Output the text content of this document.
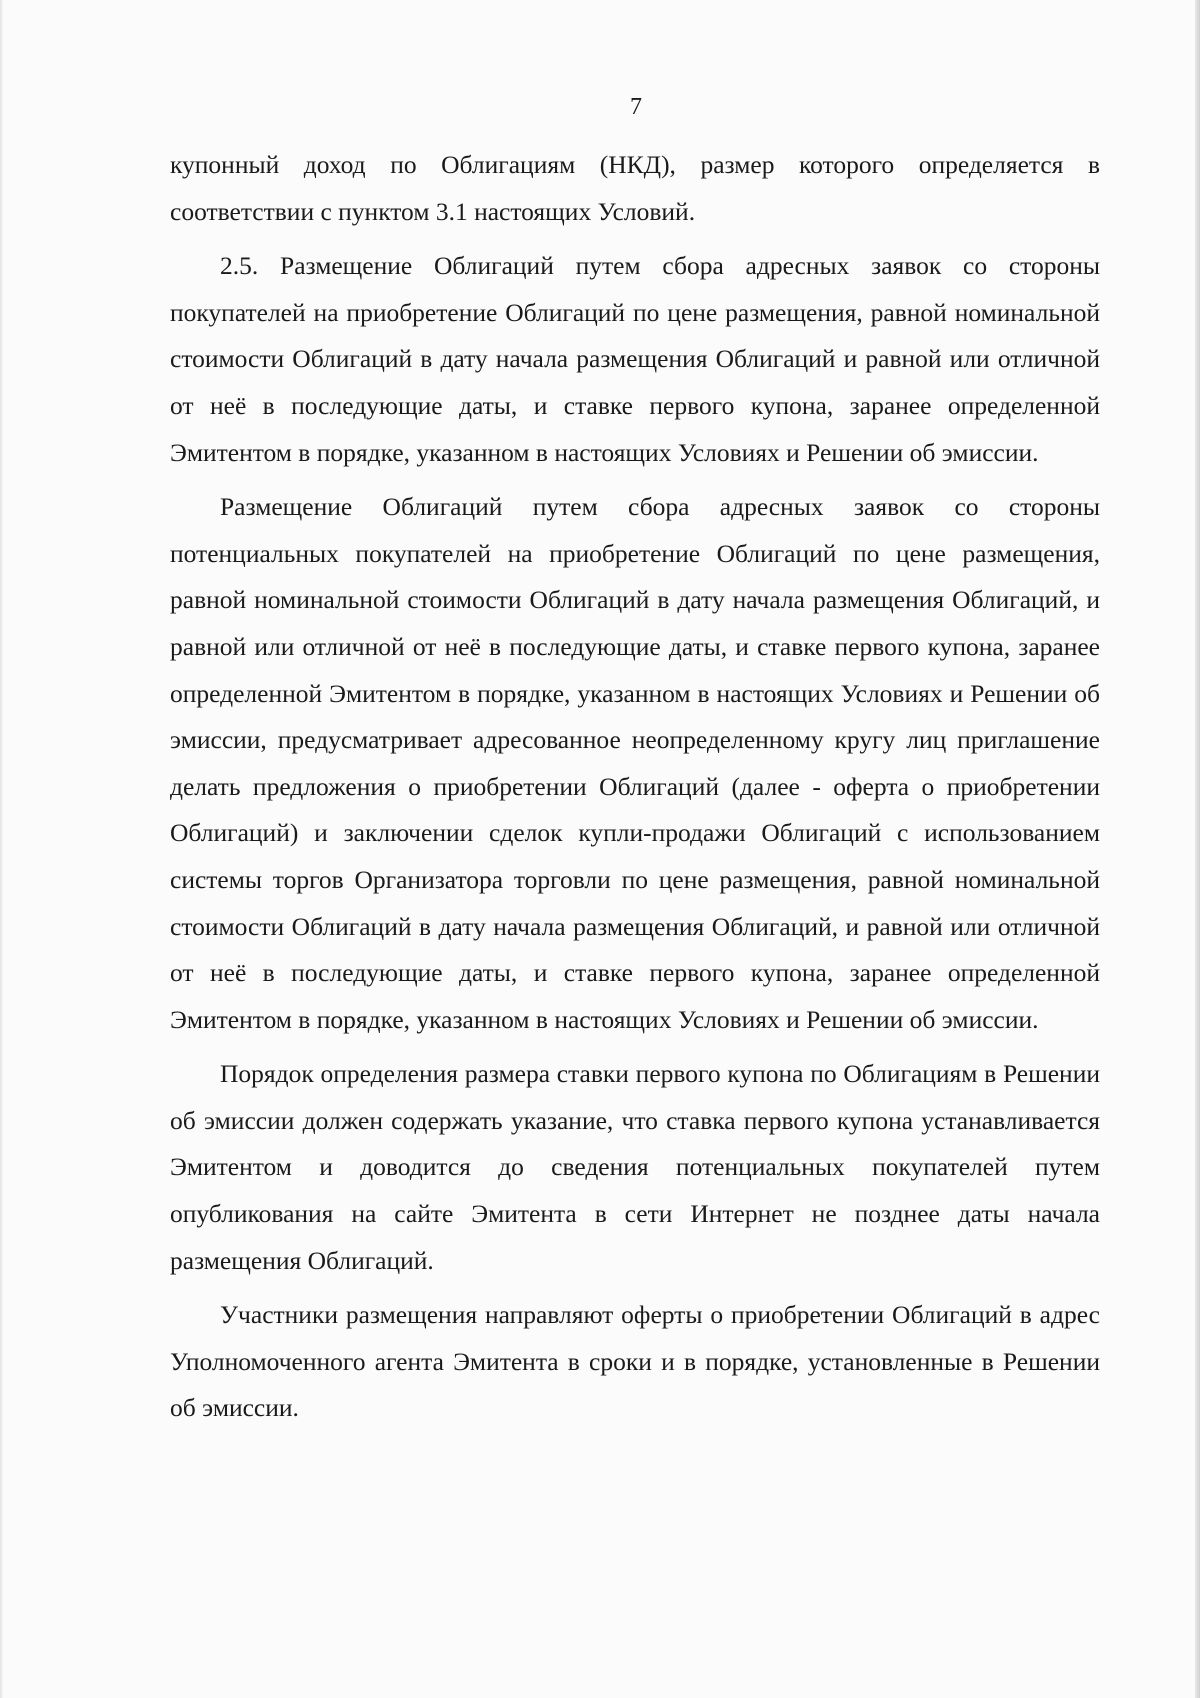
7

купонный доход по Облигациям (НКД), размер которого определяется в соответствии с пунктом 3.1 настоящих Условий.

2.5. Размещение Облигаций путем сбора адресных заявок со стороны покупателей на приобретение Облигаций по цене размещения, равной номинальной стоимости Облигаций в дату начала размещения Облигаций и равной или отличной от неё в последующие даты, и ставке первого купона, заранее определенной Эмитентом в порядке, указанном в настоящих Условиях и Решении об эмиссии.

Размещение Облигаций путем сбора адресных заявок со стороны потенциальных покупателей на приобретение Облигаций по цене размещения, равной номинальной стоимости Облигаций в дату начала размещения Облигаций, и равной или отличной от неё в последующие даты, и ставке первого купона, заранее определенной Эмитентом в порядке, указанном в настоящих Условиях и Решении об эмиссии, предусматривает адресованное неопределенному кругу лиц приглашение делать предложения о приобретении Облигаций (далее - оферта о приобретении Облигаций) и заключении сделок купли-продажи Облигаций с использованием системы торгов Организатора торговли по цене размещения, равной номинальной стоимости Облигаций в дату начала размещения Облигаций, и равной или отличной от неё в последующие даты, и ставке первого купона, заранее определенной Эмитентом в порядке, указанном в настоящих Условиях и Решении об эмиссии.

Порядок определения размера ставки первого купона по Облигациям в Решении об эмиссии должен содержать указание, что ставка первого купона устанавливается Эмитентом и доводится до сведения потенциальных покупателей путем опубликования на сайте Эмитента в сети Интернет не позднее даты начала размещения Облигаций.

Участники размещения направляют оферты о приобретении Облигаций в адрес Уполномоченного агента Эмитента в сроки и в порядке, установленные в Решении об эмиссии.
